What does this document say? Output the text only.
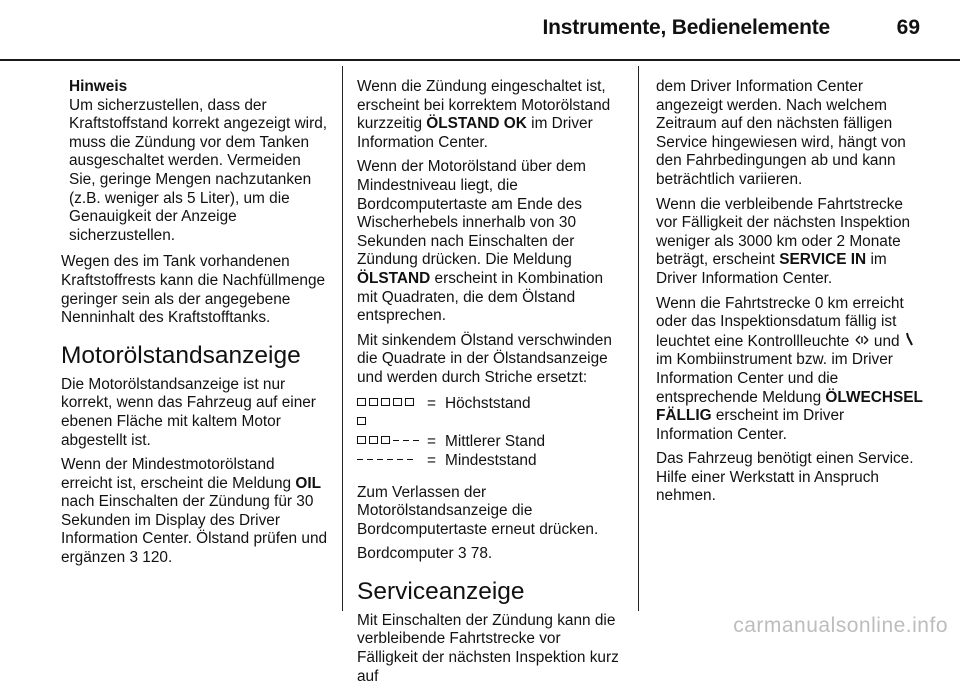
Instrumente, Bedienelemente	69
Hinweis
Um sicherzustellen, dass der Kraftstoffstand korrekt angezeigt wird, muss die Zündung vor dem Tanken ausgeschaltet werden. Vermeiden Sie, geringe Mengen nachzutanken (z.B. weniger als 5 Liter), um die Genauigkeit der Anzeige sicherzustellen.

Wegen des im Tank vorhandenen Kraftstoffrests kann die Nachfüllmenge geringer sein als der angegebene Nenninhalt des Kraftstofftanks.

Motorölstandsanzeige

Die Motorölstandsanzeige ist nur korrekt, wenn das Fahrzeug auf einer ebenen Fläche mit kaltem Motor abgestellt ist.

Wenn der Mindestmotorölstand erreicht ist, erscheint die Meldung OIL nach Einschalten der Zündung für 30 Sekunden im Display des Driver Information Center. Ölstand prüfen und ergänzen 3 120.

Wenn die Zündung eingeschaltet ist, erscheint bei korrektem Motorölstand kurzzeitig ÖLSTAND OK im Driver Information Center.

Wenn der Motorölstand über dem Mindestniveau liegt, die Bordcomputertaste am Ende des Wischerhebels innerhalb von 30 Sekunden nach Einschalten der Zündung drücken. Die Meldung ÖLSTAND erscheint in Kombination mit Quadraten, die dem Ölstand entsprechen.

Mit sinkendem Ölstand verschwinden die Quadrate in der Ölstandsanzeige und werden durch Striche ersetzt:

	=	Höchststand
	=	Mittlerer Stand
	=	Mindeststand

Zum Verlassen der Motorölstandsanzeige die Bordcomputertaste erneut drücken.

Bordcomputer 3 78.

Serviceanzeige

Mit Einschalten der Zündung kann die verbleibende Fahrtstrecke vor Fälligkeit der nächsten Inspektion kurz auf

dem Driver Information Center angezeigt werden. Nach welchem Zeitraum auf den nächsten fälligen Service hingewiesen wird, hängt von den Fahrbedingungen ab und kann beträchtlich variieren.

Wenn die verbleibende Fahrtstrecke vor Fälligkeit der nächsten Inspektion weniger als 3000 km oder 2 Monate beträgt, erscheint SERVICE IN im Driver Information Center.

Wenn die Fahrtstrecke 0 km erreicht oder das Inspektionsdatum fällig ist leuchtet eine Kontrollleuchte  und  im Kombiinstrument bzw. im Driver Information Center und die entsprechende Meldung ÖLWECHSEL FÄLLIG erscheint im Driver Information Center.

Das Fahrzeug benötigt einen Service. Hilfe einer Werkstatt in Anspruch nehmen.

carmanualsonline.info
